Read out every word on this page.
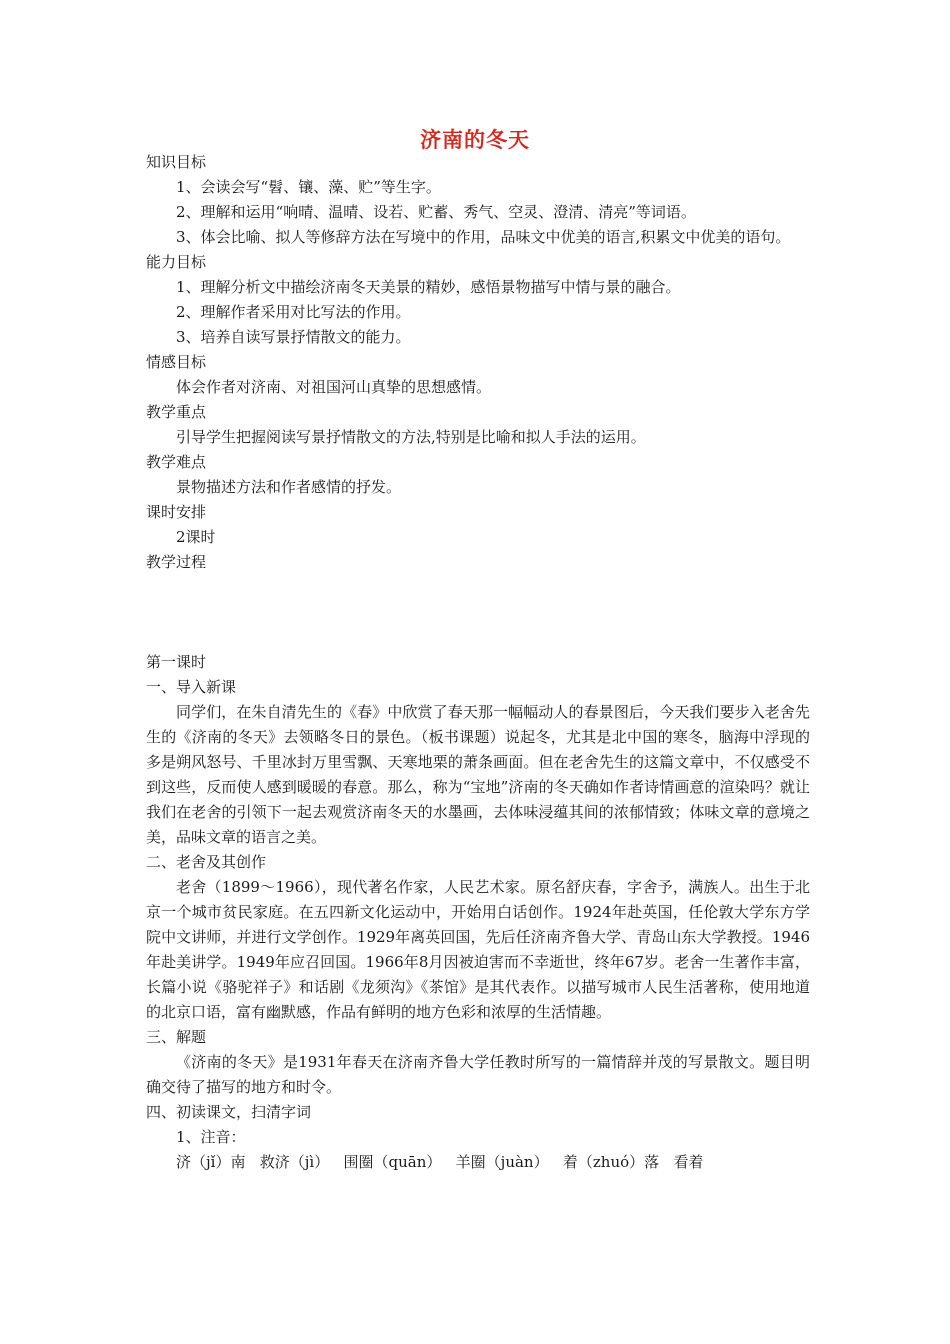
济南的冬天
知识目标
1、会读会写“髫、镶、藻、贮”等生字。
2、理解和运用“响晴、温晴、设若、贮蓄、秀气、空灵、澄清、清亮”等词语。

3、体会比喻、拟人等修辞方法在写境中的作用，品味文中优美的语言,积累文中优美的语句。

能力目标
1、理解分析文中描绘济南冬天美景的精妙，感悟景物描写中情与景的融合。
2、理解作者采用对比写法的作用。
3、培养自读写景抒情散文的能力。
情感目标
体会作者对济南、对祖国河山真挚的思想感情。
教学重点
引导学生把握阅读写景抒情散文的方法,特别是比喻和拟人手法的运用。
教学难点
景物描述方法和作者感情的抒发。
课时安排
2课时
教学过程
第一课时
一、导入新课

同学们，在朱自清先生的《春》中欣赏了春天那一幅幅动人的春景图后，今天我们要步入老舍先生的《济南的冬天》去领略冬日的景色。（板书课题）说起冬，尤其是北中国的寒冬，脑海中浮现的多是朔风怒号、千里冰封万里雪飘、天寒地栗的萧条画面。但在老舍先生的这篇文章中，不仅感受不到这些，反而使人感到暖暖的春意。那么，称为“宝地”济南的冬天确如作者诗情画意的渲染吗？就让我们在老舍的引领下一起去观赏济南冬天的水墨画，去体味浸蕴其间的浓郁情致；体味文章的意境之美，品味文章的语言之美。

二、老舍及其创作

老舍（1899～1966），现代著名作家，人民艺术家。原名舒庆春，字舍予，满族人。出生于北京一个城市贫民家庭。在五四新文化运动中，开始用白话创作。1924年赴英国，任伦敦大学东方学院中文讲师，并进行文学创作。1929年离英回国，先后任济南齐鲁大学、青岛山东大学教授。1946年赴美讲学。1949年应召回国。1966年8月因被迫害而不幸逝世，终年67岁。老舍一生著作丰富，长篇小说《骆驼祥子》和话剧《龙须沟》《茶馆》是其代表作。以描写城市人民生活著称，使用地道的北京口语，富有幽默感，作品有鲜明的地方色彩和浓厚的生活情趣。

三、解题

《济南的冬天》是1931年春天在济南齐鲁大学任教时所写的一篇情辞并茂的写景散文。题目明确交待了描写的地方和时令。

四、初读课文，扫清字词
1、注音：
济（jǐ）南   救济（jì）   围圈（quān）   羊圈（juàn）   着（zhuó）落   看着
